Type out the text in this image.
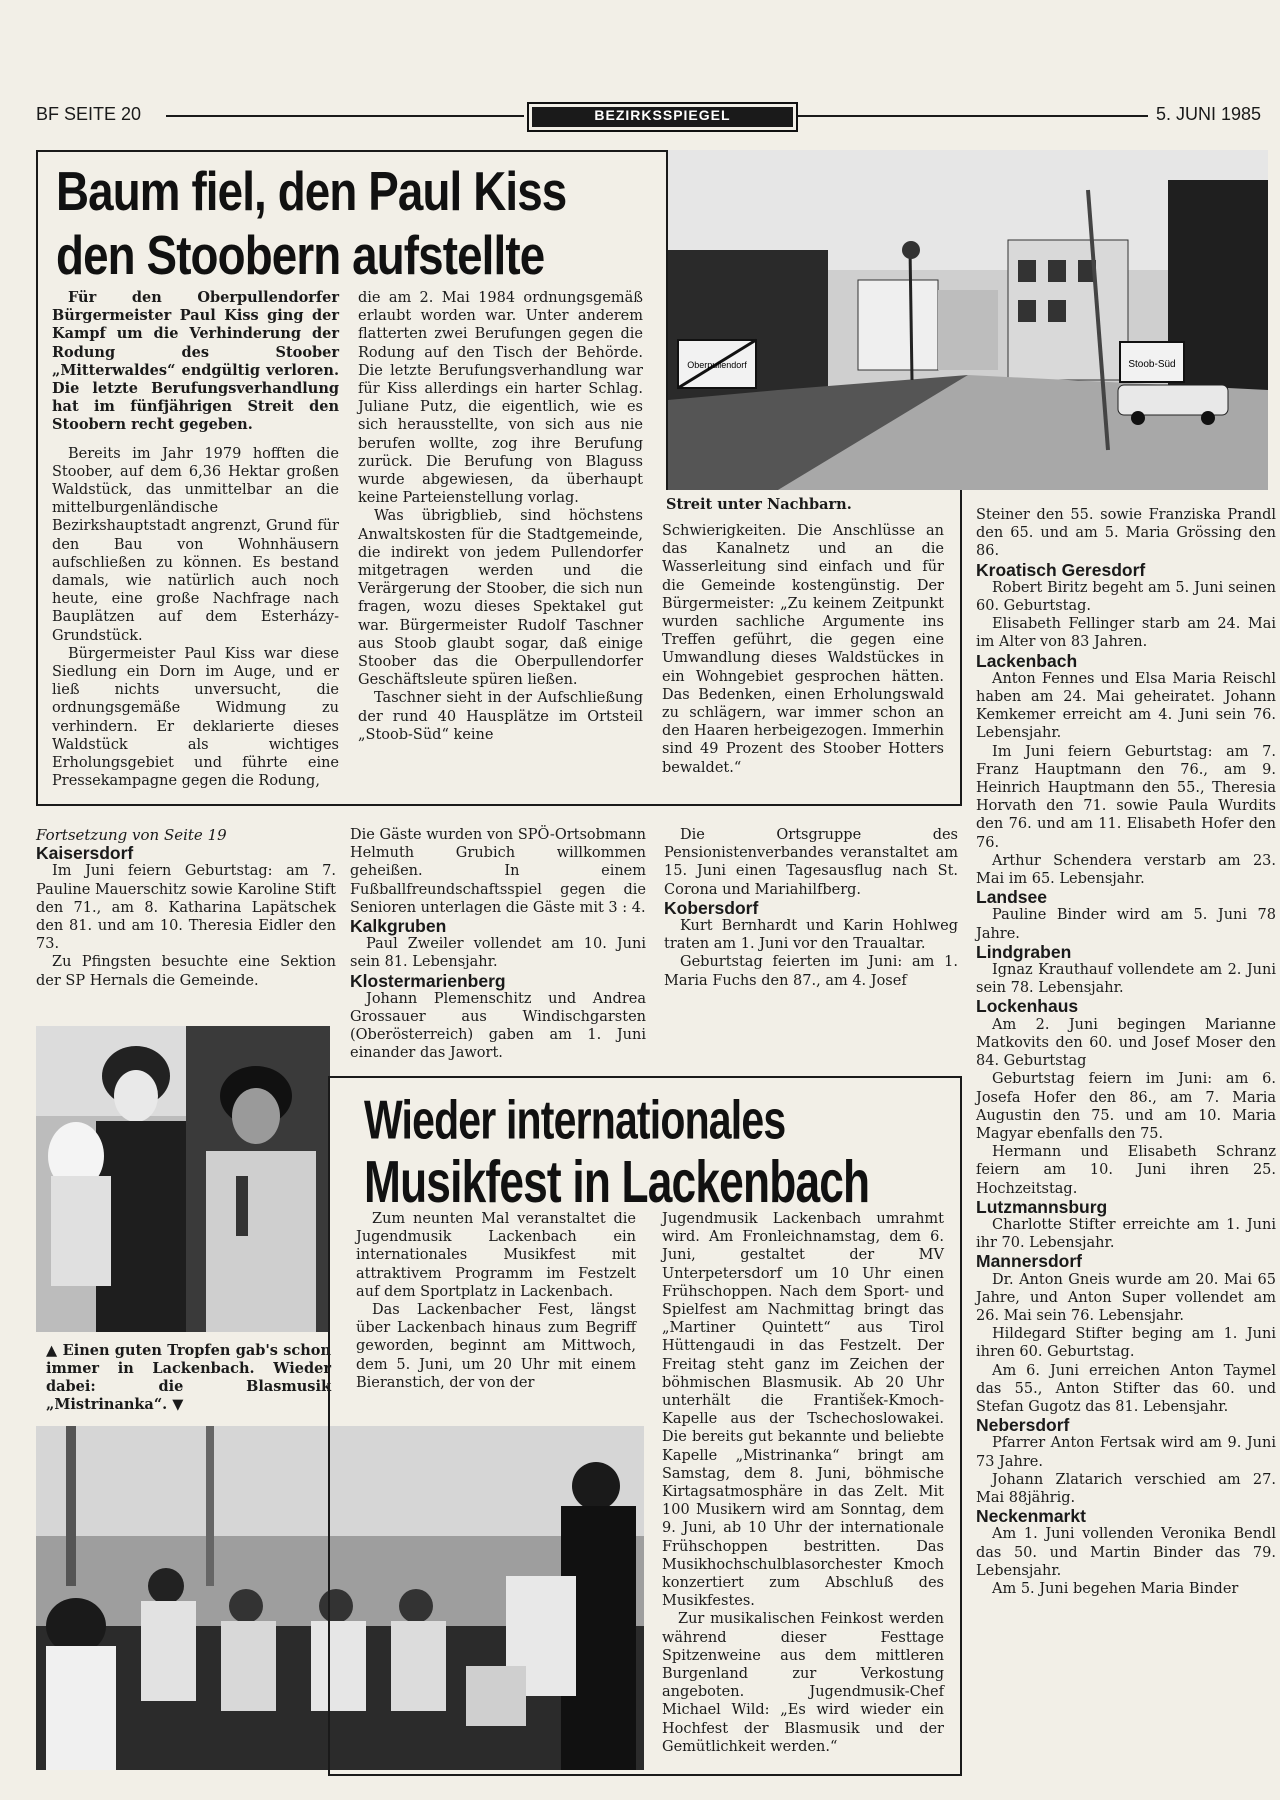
BF SEITE 20	BEZIRKSSPIEGEL	5. JUNI 1985
Baum fiel, den Paul Kiss
den Stoobern aufstellte
Oberpullendorf	Stoob-Süd
Streit unter Nachbarn.

Für den Oberpullendorfer Bürgermeister Paul Kiss ging der Kampf um die Verhinderung der Rodung des Stoober „Mitterwaldes“ endgültig verloren. Die letzte Berufungsverhandlung hat im fünfjährigen Streit den Stoobern recht gegeben.

Bereits im Jahr 1979 hofften die Stoober, auf dem 6,36 Hektar großen Waldstück, das unmittelbar an die mittelburgenländische Bezirkshauptstadt angrenzt, Grund für den Bau von Wohnhäusern aufschließen zu können. Es bestand damals, wie natürlich auch noch heute, eine große Nachfrage nach Bauplätzen auf dem Esterházy-Grundstück.

Bürgermeister Paul Kiss war diese Siedlung ein Dorn im Auge, und er ließ nichts unversucht, die ordnungsgemäße Widmung zu verhindern. Er deklarierte dieses Waldstück als wichtiges Erholungsgebiet und führte eine Pressekampagne gegen die Rodung,

die am 2. Mai 1984 ordnungsgemäß erlaubt worden war. Unter anderem flatterten zwei Berufungen gegen die Rodung auf den Tisch der Behörde. Die letzte Berufungsverhandlung war für Kiss allerdings ein harter Schlag. Juliane Putz, die eigentlich, wie es sich herausstellte, von sich aus nie berufen wollte, zog ihre Berufung zurück. Die Berufung von Blaguss wurde abgewiesen, da überhaupt keine Parteienstellung vorlag.

Was übrigblieb, sind höchstens Anwaltskosten für die Stadtgemeinde, die indirekt von jedem Pullendorfer mitgetragen werden und die Verärgerung der Stoober, die sich nun fragen, wozu dieses Spektakel gut war. Bürgermeister Rudolf Taschner aus Stoob glaubt sogar, daß einige Stoober das die Oberpullendorfer Geschäftsleute spüren ließen.

Taschner sieht in der Aufschließung der rund 40 Hausplätze im Ortsteil „Stoob-Süd“ keine

Schwierigkeiten. Die Anschlüsse an das Kanalnetz und an die Wasserleitung sind einfach und für die Gemeinde kostengünstig. Der Bürgermeister: „Zu keinem Zeitpunkt wurden sachliche Argumente ins Treffen geführt, die gegen eine Umwandlung dieses Waldstückes in ein Wohngebiet gesprochen hätten. Das Bedenken, einen Erholungswald zu schlägern, war immer schon an den Haaren herbeigezogen. Immerhin sind 49 Prozent des Stoober Hotters bewaldet.“

Fortsetzung von Seite 19

Kaisersdorf

Im Juni feiern Geburtstag: am 7. Pauline Mauerschitz sowie Karoline Stift den 71., am 8. Katharina Lapätschek den 81. und am 10. Theresia Eidler den 73.

Zu Pfingsten besuchte eine Sektion der SP Hernals die Gemeinde.

Die Gäste wurden von SPÖ-Ortsobmann Helmuth Grubich willkommen geheißen. In einem Fußballfreundschaftsspiel gegen die Senioren unterlagen die Gäste mit 3 : 4.

Kalkgruben

Paul Zweiler vollendet am 10. Juni sein 81. Lebensjahr.

Klostermarienberg

Johann Plemenschitz und Andrea Grossauer aus Windischgarsten (Oberösterreich) gaben am 1. Juni einander das Jawort.

Die Ortsgruppe des Pensionistenverbandes veranstaltet am 15. Juni einen Tagesausflug nach St. Corona und Mariahilfberg.

Kobersdorf

Kurt Bernhardt und Karin Hohlweg traten am 1. Juni vor den Traualtar.

Geburtstag feierten im Juni: am 1. Maria Fuchs den 87., am 4. Josef

Steiner den 55. sowie Franziska Prandl den 65. und am 5. Maria Grössing den 86.

Kroatisch Geresdorf

Robert Biritz begeht am 5. Juni seinen 60. Geburtstag.

Elisabeth Fellinger starb am 24. Mai im Alter von 83 Jahren.

Lackenbach

Anton Fennes und Elsa Maria Reischl haben am 24. Mai geheiratet. Johann Kemkemer erreicht am 4. Juni sein 76. Lebensjahr.

Im Juni feiern Geburtstag: am 7. Franz Hauptmann den 76., am 9. Heinrich Hauptmann den 55., Theresia Horvath den 71. sowie Paula Wurdits den 76. und am 11. Elisabeth Hofer den 76.

Arthur Schendera verstarb am 23. Mai im 65. Lebensjahr.

Landsee

Pauline Binder wird am 5. Juni 78 Jahre.

Lindgraben

Ignaz Krauthauf vollendete am 2. Juni sein 78. Lebensjahr.

Lockenhaus

Am 2. Juni begingen Marianne Matkovits den 60. und Josef Moser den 84. Geburtstag

Geburtstag feiern im Juni: am 6. Josefa Hofer den 86., am 7. Maria Augustin den 75. und am 10. Maria Magyar ebenfalls den 75.

Hermann und Elisabeth Schranz feiern am 10. Juni ihren 25. Hochzeitstag.

Lutzmannsburg

Charlotte Stifter erreichte am 1. Juni ihr 70. Lebensjahr.

Mannersdorf

Dr. Anton Gneis wurde am 20. Mai 65 Jahre, und Anton Super vollendet am 26. Mai sein 76. Lebensjahr.

Hildegard Stifter beging am 1. Juni ihren 60. Geburtstag.

Am 6. Juni erreichen Anton Taymel das 55., Anton Stifter das 60. und Stefan Gugotz das 81. Lebensjahr.

Nebersdorf

Pfarrer Anton Fertsak wird am 9. Juni 73 Jahre.

Johann Zlatarich verschied am 27. Mai 88jährig.

Neckenmarkt

Am 1. Juni vollenden Veronika Bendl das 50. und Martin Binder das 79. Lebensjahr.

Am 5. Juni begehen Maria Binder

▲ Einen guten Tropfen gab's schon immer in Lackenbach. Wieder dabei: die Blasmusik „Mistrinanka“. ▼
Wieder internationales
Musikfest in Lackenbach

Zum neunten Mal veranstaltet die Jugendmusik Lackenbach ein internationales Musikfest mit attraktivem Programm im Festzelt auf dem Sportplatz in Lackenbach.

Das Lackenbacher Fest, längst über Lackenbach hinaus zum Begriff geworden, beginnt am Mittwoch, dem 5. Juni, um 20 Uhr mit einem Bieranstich, der von der

Jugendmusik Lackenbach umrahmt wird. Am Fronleichnamstag, dem 6. Juni, gestaltet der MV Unterpetersdorf um 10 Uhr einen Frühschoppen. Nach dem Sport- und Spielfest am Nachmittag bringt das „Martiner Quintett“ aus Tirol Hüttengaudi in das Festzelt. Der Freitag steht ganz im Zeichen der böhmischen Blasmusik. Ab 20 Uhr unterhält die František-Kmoch-Kapelle aus der Tschechoslowakei. Die bereits gut bekannte und beliebte Kapelle „Mistrinanka“ bringt am Samstag, dem 8. Juni, böhmische Kirtagsatmosphäre in das Zelt. Mit 100 Musikern wird am Sonntag, dem 9. Juni, ab 10 Uhr der internationale Frühschoppen bestritten. Das Musikhochschulblasorchester Kmoch konzertiert zum Abschluß des Musikfestes.

Zur musikalischen Feinkost werden während dieser Festtage Spitzenweine aus dem mittleren Burgenland zur Verkostung angeboten. Jugendmusik-Chef Michael Wild: „Es wird wieder ein Hochfest der Blasmusik und der Gemütlichkeit werden.“
